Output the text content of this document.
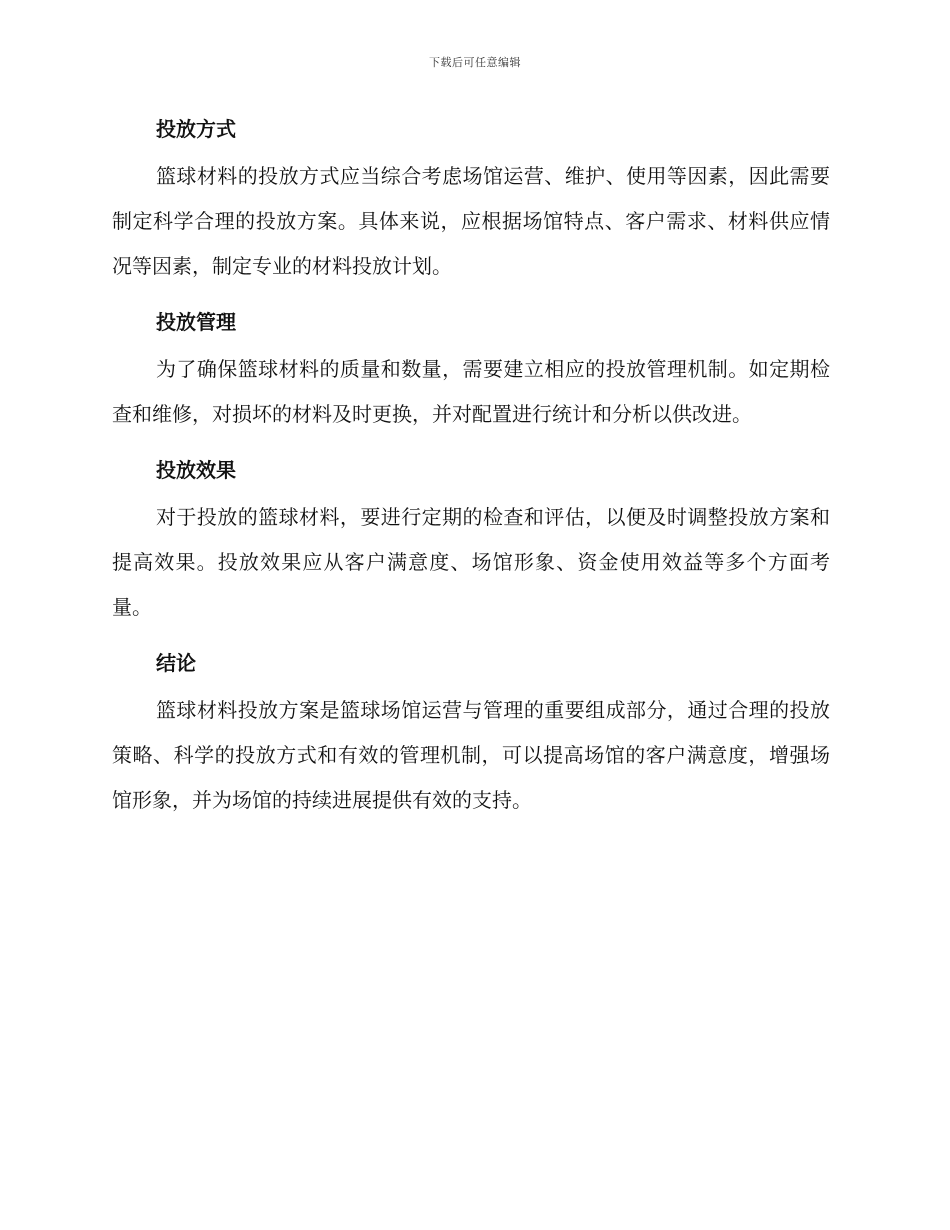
下载后可任意编辑
投放方式

篮球材料的投放方式应当综合考虑场馆运营、维护、使用等因素，因此需要制定科学合理的投放方案。具体来说，应根据场馆特点、客户需求、材料供应情况等因素，制定专业的材料投放计划。

投放管理

为了确保篮球材料的质量和数量，需要建立相应的投放管理机制。如定期检查和维修，对损坏的材料及时更换，并对配置进行统计和分析以供改进。

投放效果

对于投放的篮球材料，要进行定期的检查和评估，以便及时调整投放方案和提高效果。投放效果应从客户满意度、场馆形象、资金使用效益等多个方面考量。

结论

篮球材料投放方案是篮球场馆运营与管理的重要组成部分，通过合理的投放策略、科学的投放方式和有效的管理机制，可以提高场馆的客户满意度，增强场馆形象，并为场馆的持续进展提供有效的支持。
